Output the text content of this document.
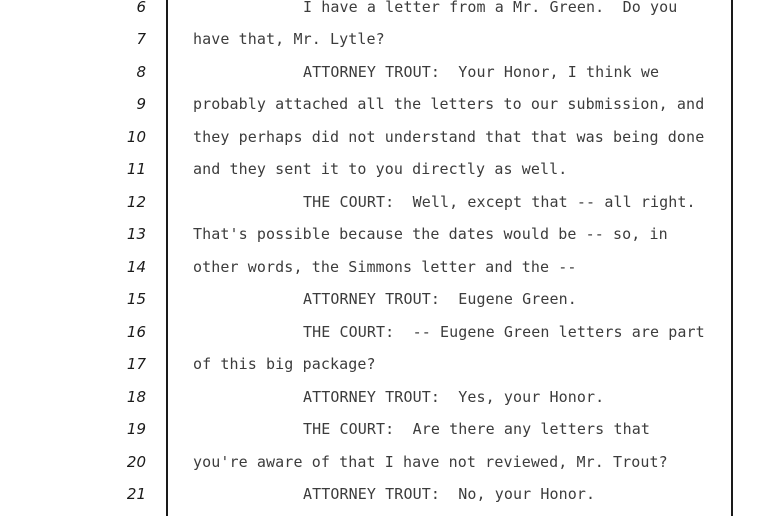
6	I have a letter from a Mr. Green.  Do you
7	have that, Mr. Lytle?
8	ATTORNEY TROUT:  Your Honor, I think we
9	probably attached all the letters to our submission, and
10	they perhaps did not understand that that was being done
11	and they sent it to you directly as well.
12	THE COURT:  Well, except that -- all right.
13	That's possible because the dates would be -- so, in
14	other words, the Simmons letter and the --
15	ATTORNEY TROUT:  Eugene Green.
16	THE COURT:  -- Eugene Green letters are part
17	of this big package?
18	ATTORNEY TROUT:  Yes, your Honor.
19	THE COURT:  Are there any letters that
20	you're aware of that I have not reviewed, Mr. Trout?
21	ATTORNEY TROUT:  No, your Honor.
